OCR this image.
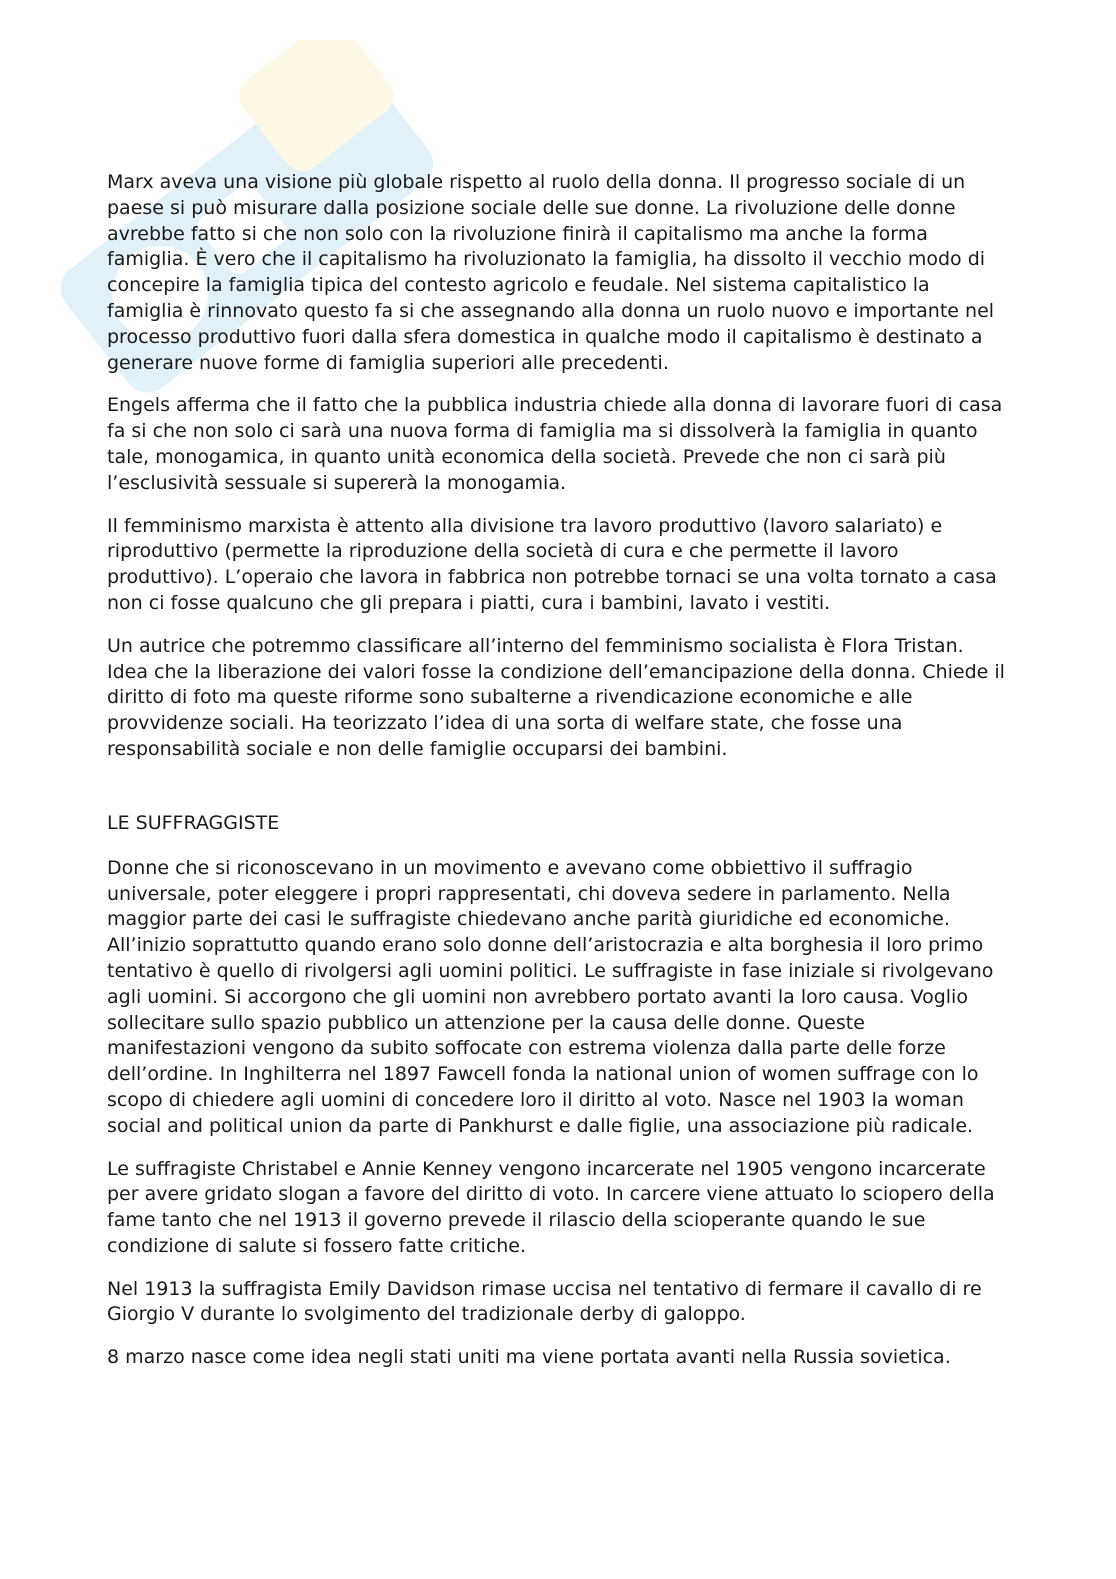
Marx aveva una visione più globale rispetto al ruolo della donna. Il progresso sociale di un paese si può misurare dalla posizione sociale delle sue donne. La rivoluzione delle donne avrebbe fatto si che non solo con la rivoluzione finirà il capitalismo ma anche la forma famiglia. È vero che il capitalismo ha rivoluzionato la famiglia, ha dissolto il vecchio modo di concepire la famiglia tipica del contesto agricolo e feudale. Nel sistema capitalistico la famiglia è rinnovato questo fa si che assegnando alla donna un ruolo nuovo e importante nel processo produttivo fuori dalla sfera domestica in qualche modo il capitalismo è destinato a generare nuove forme di famiglia superiori alle precedenti.

Engels afferma che il fatto che la pubblica industria chiede alla donna di lavorare fuori di casa fa si che non solo ci sarà una nuova forma di famiglia ma si dissolverà la famiglia in quanto tale, monogamica, in quanto unità economica della società. Prevede che non ci sarà più l’esclusività sessuale si supererà la monogamia.

Il femminismo marxista è attento alla divisione tra lavoro produttivo (lavoro salariato) e riproduttivo (permette la riproduzione della società di cura e che permette il lavoro produttivo). L’operaio che lavora in fabbrica non potrebbe tornaci se una volta tornato a casa non ci fosse qualcuno che gli prepara i piatti, cura i bambini, lavato i vestiti.

Un autrice che potremmo classificare all’interno del femminismo socialista è Flora Tristan. Idea che la liberazione dei valori fosse la condizione dell’emancipazione della donna. Chiede il diritto di foto ma queste riforme sono subalterne a rivendicazione economiche e alle provvidenze sociali. Ha teorizzato l’idea di una sorta di welfare state, che fosse una responsabilità sociale e non delle famiglie occuparsi dei bambini.

LE SUFFRAGGISTE

Donne che si riconoscevano in un movimento e avevano come obbiettivo il suffragio universale, poter eleggere i propri rappresentati, chi doveva sedere in parlamento. Nella maggior parte dei casi le suffragiste chiedevano anche parità giuridiche ed economiche. All’inizio soprattutto quando erano solo donne dell’aristocrazia e alta borghesia il loro primo tentativo è quello di rivolgersi agli uomini politici. Le suffragiste in fase iniziale si rivolgevano agli uomini. Si accorgono che gli uomini non avrebbero portato avanti la loro causa. Voglio sollecitare sullo spazio pubblico un attenzione per la causa delle donne. Queste manifestazioni vengono da subito soffocate con estrema violenza dalla parte delle forze dell’ordine. In Inghilterra nel 1897 Fawcell fonda la national union of women suffrage con lo scopo di chiedere agli uomini di concedere loro il diritto al voto. Nasce nel 1903 la woman social and political union da parte di Pankhurst e dalle figlie, una associazione più radicale.

Le suffragiste Christabel e Annie Kenney vengono incarcerate nel 1905 vengono incarcerate per avere gridato slogan a favore del diritto di voto. In carcere viene attuato lo sciopero della fame tanto che nel 1913 il governo prevede il rilascio della scioperante quando le sue condizione di salute si fossero fatte critiche.

Nel 1913 la suffragista Emily Davidson rimase uccisa nel tentativo di fermare il cavallo di re Giorgio V durante lo svolgimento del tradizionale derby di galoppo.

8 marzo nasce come idea negli stati uniti ma viene portata avanti nella Russia sovietica.
